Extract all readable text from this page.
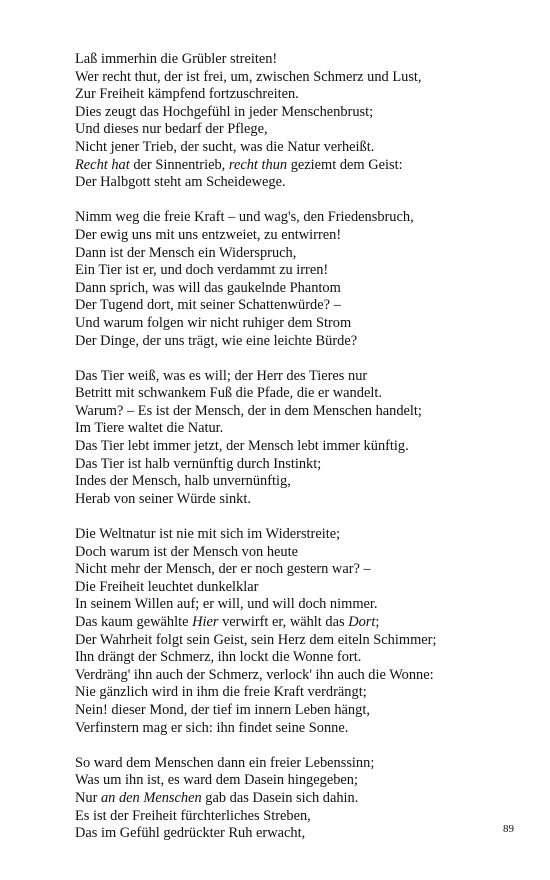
Laß immerhin die Grübler streiten!
Wer recht thut, der ist frei, um, zwischen Schmerz und Lust,
Zur Freiheit kämpfend fortzuschreiten.
Dies zeugt das Hochgefühl in jeder Menschenbrust;
Und dieses nur bedarf der Pflege,
Nicht jener Trieb, der sucht, was die Natur verheißt.
Recht hat der Sinnentrieb, recht thun geziemt dem Geist:
Der Halbgott steht am Scheidewege.
Nimm weg die freie Kraft – und wag's, den Friedensbruch,
Der ewig uns mit uns entzweiet, zu entwirren!
Dann ist der Mensch ein Widerspruch,
Ein Tier ist er, und doch verdammt zu irren!
Dann sprich, was will das gaukelnde Phantom
Der Tugend dort, mit seiner Schattenwürde? –
Und warum folgen wir nicht ruhiger dem Strom
Der Dinge, der uns trägt, wie eine leichte Bürde?
Das Tier weiß, was es will; der Herr des Tieres nur
Betritt mit schwankem Fuß die Pfade, die er wandelt.
Warum? – Es ist der Mensch, der in dem Menschen handelt;
Im Tiere waltet die Natur.
Das Tier lebt immer jetzt, der Mensch lebt immer künftig.
Das Tier ist halb vernünftig durch Instinkt;
Indes der Mensch, halb unvernünftig,
Herab von seiner Würde sinkt.
Die Weltnatur ist nie mit sich im Widerstreite;
Doch warum ist der Mensch von heute
Nicht mehr der Mensch, der er noch gestern war? –
Die Freiheit leuchtet dunkelklar
In seinem Willen auf; er will, und will doch nimmer.
Das kaum gewählte Hier verwirft er, wählt das Dort;
Der Wahrheit folgt sein Geist, sein Herz dem eiteln Schimmer;
Ihn drängt der Schmerz, ihn lockt die Wonne fort.
Verdräng' ihn auch der Schmerz, verlock' ihn auch die Wonne:
Nie gänzlich wird in ihm die freie Kraft verdrängt;
Nein! dieser Mond, der tief im innern Leben hängt,
Verfinstern mag er sich: ihn findet seine Sonne.
So ward dem Menschen dann ein freier Lebenssinn;
Was um ihn ist, es ward dem Dasein hingegeben;
Nur an den Menschen gab das Dasein sich dahin.
Es ist der Freiheit fürchterliches Streben,
Das im Gefühl gedrückter Ruh erwacht,	89
